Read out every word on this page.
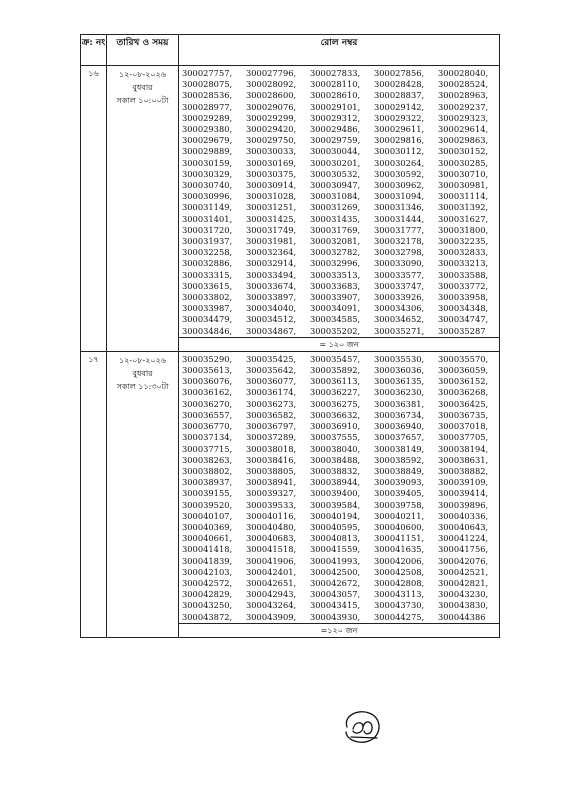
ক্র: নং	তারিখ ও সময়	রোল নম্বর
১৬	১২-০৮-২০২৬
বুধবার
সকাল ১০:০০টা

300027757,	300027796,	300027833,	300027856,	300028040,
300028075,	300028092,	300028110,	300028428,	300028524,
300028536,	300028600,	300028610,	300028837,	300028963,
300028977,	300029076,	300029101,	300029142,	300029237,
300029289,	300029299,	300029312,	300029322,	300029323,
300029380,	300029420,	300029486,	300029611,	300029614,
300029679,	300029750,	300029759,	300029816,	300029863,
300029889,	300030033,	300030044,	300030112,	300030152,
300030159,	300030169,	300030201,	300030264,	300030285,
300030329,	300030375,	300030532,	300030592,	300030710,
300030740,	300030914,	300030947,	300030962,	300030981,
300030996,	300031028,	300031084,	300031094,	300031114,
300031149,	300031251,	300031269,	300031346,	300031392,
300031401,	300031425,	300031435,	300031444,	300031627,
300031720,	300031749,	300031769,	300031777,	300031800,
300031937,	300031981,	300032081,	300032178,	300032235,
300032258,	300032364,	300032782,	300032798,	300032833,
300032886,	300032914,	300032996,	300033090,	300033213,
300033315,	300033494,	300033513,	300033577,	300033588,
300033615,	300033674,	300033683,	300033747,	300033772,
300033802,	300033897,	300033907,	300033926,	300033958,
300033987,	300034040,	300034091,	300034306,	300034348,
300034479,	300034512,	300034585,	300034652,	300034747,
300034846,	300034867,	300035202,	300035271,	300035287

= ১২০ জন
১৭	১২-০৮-২০২৬
বুধবার
সকাল ১১:৩০টা

300035290,	300035425,	300035457,	300035530,	300035570,
300035613,	300035642,	300035892,	300036036,	300036059,
300036076,	300036077,	300036113,	300036135,	300036152,
300036162,	300036174,	300036227,	300036230,	300036268,
300036270,	300036273,	300036275,	300036381,	300036425,
300036557,	300036582,	300036632,	300036734,	300036735,
300036770,	300036797,	300036910,	300036940,	300037018,
300037134,	300037289,	300037555,	300037657,	300037705,
300037715,	300038018,	300038040,	300038149,	300038194,
300038263,	300038416,	300038488,	300038592,	300038631,
300038802,	300038805,	300038832,	300038849,	300038882,
300038937,	300038941,	300038944,	300039093,	300039109,
300039155,	300039327,	300039400,	300039405,	300039414,
300039520,	300039533,	300039584,	300039758,	300039896,
300040107,	300040116,	300040194,	300040211,	300040336,
300040369,	300040480,	300040595,	300040600,	300040643,
300040661,	300040683,	300040813,	300041151,	300041224,
300041418,	300041518,	300041559,	300041635,	300041756,
300041839,	300041906,	300041993,	300042006,	300042076,
300042103,	300042401,	300042500,	300042508,	300042521,
300042572,	300042651,	300042672,	300042808,	300042821,
300042829,	300042943,	300043057,	300043113,	300043230,
300043250,	300043264,	300043415,	300043730,	300043830,
300043872,	300043909,	300043930,	300044275,	300044386

=১২০ জন
